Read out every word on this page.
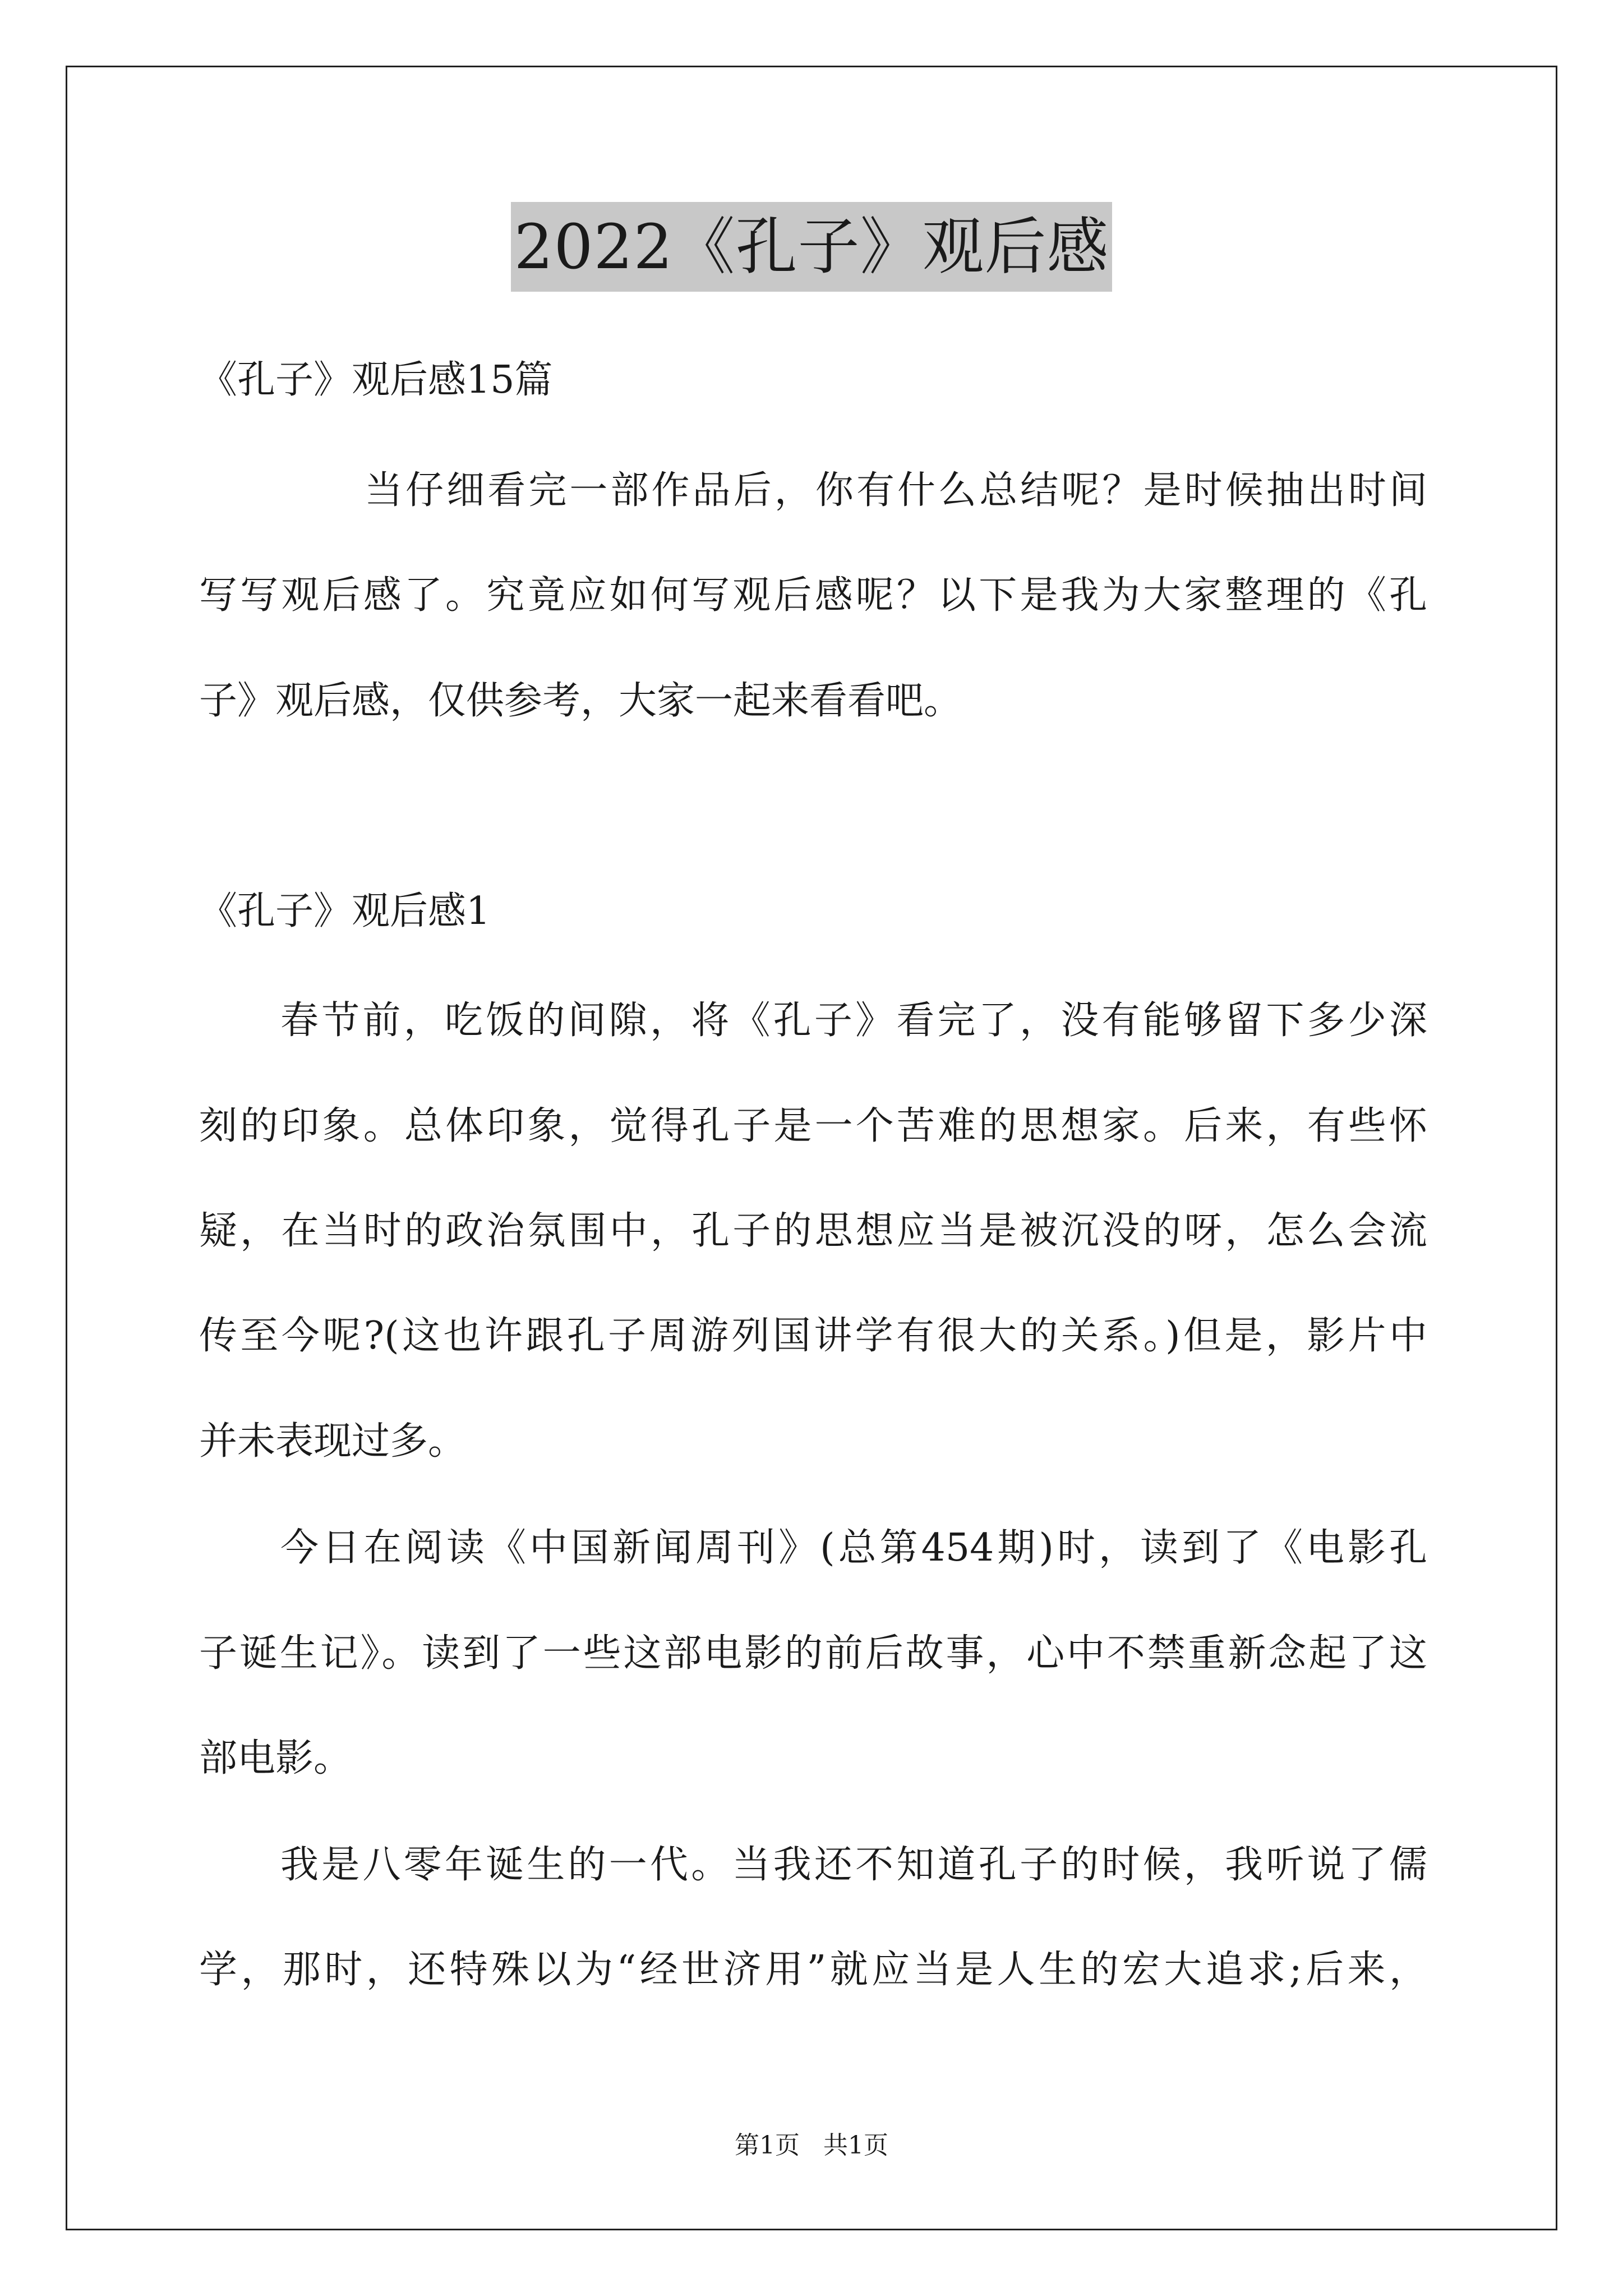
2022《孔子》观后感
《孔子》观后感15篇
当仔细看完一部作品后，你有什么总结呢？是时候抽出时间
写写观后感了。究竟应如何写观后感呢？以下是我为大家整理的《孔
子》观后感，仅供参考，大家一起来看看吧。
《孔子》观后感1
春节前，吃饭的间隙，将《孔子》看完了，没有能够留下多少深
刻的印象。总体印象，觉得孔子是一个苦难的思想家。后来，有些怀
疑，在当时的政治氛围中，孔子的思想应当是被沉没的呀，怎么会流
传至今呢?(这也许跟孔子周游列国讲学有很大的关系。)但是，影片中
并未表现过多。
今日在阅读《中国新闻周刊》(总第454期)时，读到了《电影孔
子诞生记》。读到了一些这部电影的前后故事，心中不禁重新念起了这
部电影。
我是八零年诞生的一代。当我还不知道孔子的时候，我听说了儒
学，那时，还特殊以为“经世济用”就应当是人生的宏大追求;后来，
第1页 共1页
